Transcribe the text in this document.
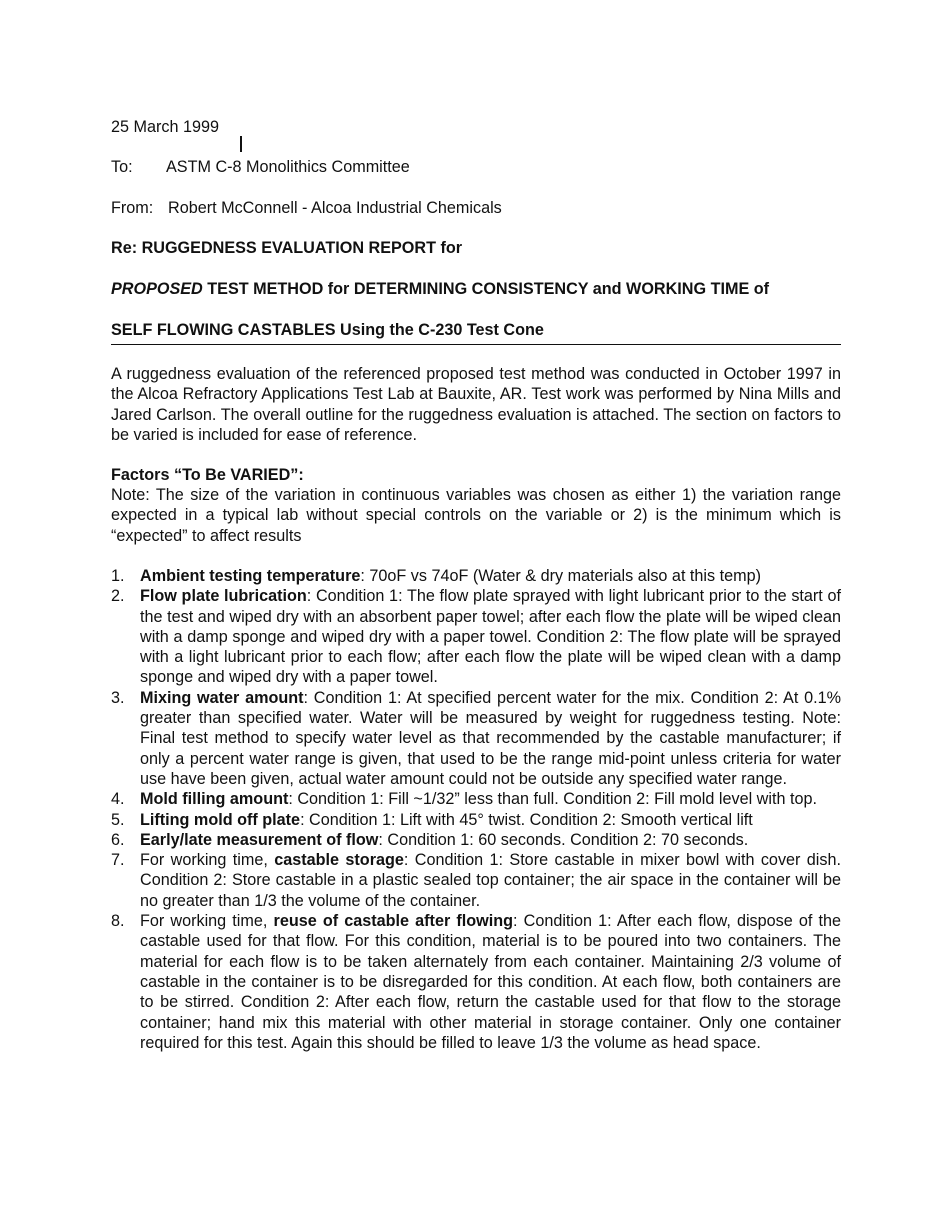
25 March 1999
To: ASTM C-8 Monolithics Committee
From: Robert McConnell - Alcoa Industrial Chemicals
Re: RUGGEDNESS EVALUATION REPORT for
PROPOSED TEST METHOD for DETERMINING CONSISTENCY and WORKING TIME of
SELF FLOWING CASTABLES Using the C-230 Test Cone
A ruggedness evaluation of the referenced proposed test method was conducted in October 1997 in the Alcoa Refractory Applications Test Lab at Bauxite, AR. Test work was performed by Nina Mills and Jared Carlson. The overall outline for the ruggedness evaluation is attached. The section on factors to be varied is included for ease of reference.
Factors “To Be VARIED”:
Note: The size of the variation in continuous variables was chosen as either 1) the variation range expected in a typical lab without special controls on the variable or 2) is the minimum which is “expected” to affect results
1. Ambient testing temperature: 70oF vs 74oF (Water & dry materials also at this temp)
2. Flow plate lubrication: Condition 1: The flow plate sprayed with light lubricant prior to the start of the test and wiped dry with an absorbent paper towel; after each flow the plate will be wiped clean with a damp sponge and wiped dry with a paper towel. Condition 2: The flow plate will be sprayed with a light lubricant prior to each flow; after each flow the plate will be wiped clean with a damp sponge and wiped dry with a paper towel.
3. Mixing water amount: Condition 1: At specified percent water for the mix. Condition 2: At 0.1% greater than specified water. Water will be measured by weight for ruggedness testing. Note: Final test method to specify water level as that recommended by the castable manufacturer; if only a percent water range is given, that used to be the range mid-point unless criteria for water use have been given, actual water amount could not be outside any specified water range.
4. Mold filling amount: Condition 1: Fill ~1/32” less than full. Condition 2: Fill mold level with top.
5. Lifting mold off plate: Condition 1: Lift with 45° twist. Condition 2: Smooth vertical lift
6. Early/late measurement of flow: Condition 1: 60 seconds. Condition 2: 70 seconds.
7. For working time, castable storage: Condition 1: Store castable in mixer bowl with cover dish. Condition 2: Store castable in a plastic sealed top container; the air space in the container will be no greater than 1/3 the volume of the container.
8. For working time, reuse of castable after flowing: Condition 1: After each flow, dispose of the castable used for that flow. For this condition, material is to be poured into two containers. The material for each flow is to be taken alternately from each container. Maintaining 2/3 volume of castable in the container is to be disregarded for this condition. At each flow, both containers are to be stirred. Condition 2: After each flow, return the castable used for that flow to the storage container; hand mix this material with other material in storage container. Only one container required for this test. Again this should be filled to leave 1/3 the volume as head space.
